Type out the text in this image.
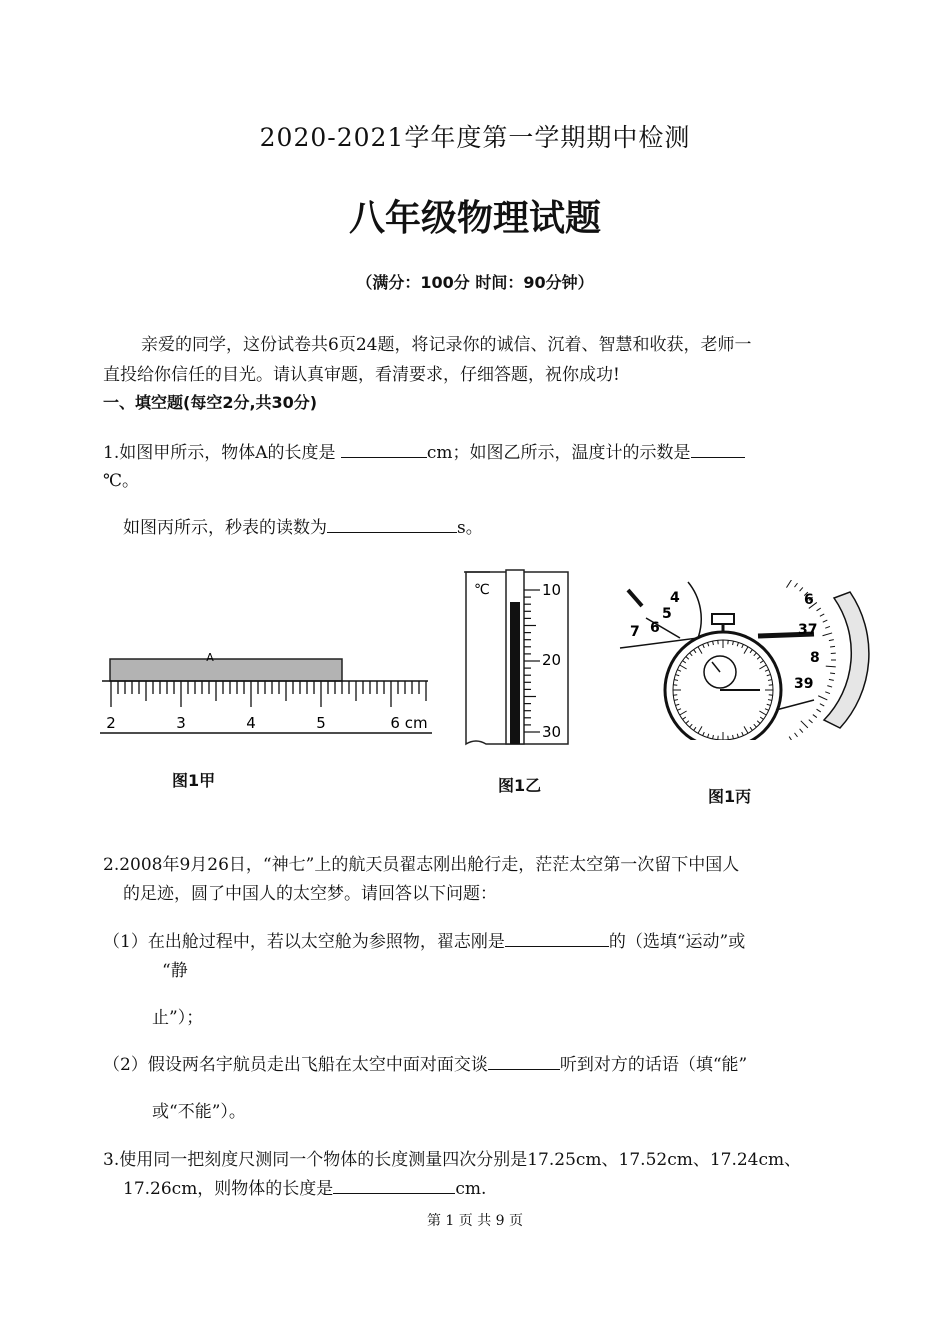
2020-2021学年度第一学期期中检测
八年级物理试题
（满分：100分 时间：90分钟）
亲爱的同学，这份试卷共6页24题，将记录你的诚信、沉着、智慧和收获，老师一
直投给你信任的目光。请认真审题，看清要求，仔细答题，祝你成功!
一、填空题(每空2分,共30分)
1.如图甲所示，物体A的长度是	cm；如图乙所示，温度计的示数是
℃。
如图丙所示，秒表的读数为	s。
A
2	3	4	5	6 cm
图1甲
℃	10
20
30
图1乙
4
5
6
7
6
37
8
39
图1丙
2.2008年9月26日，“神七”上的航天员翟志刚出舱行走，茫茫太空第一次留下中国人
的足迹，圆了中国人的太空梦。请回答以下问题：
（1）在出舱过程中，若以太空舱为参照物，翟志刚是	的（选填“运动”或
“静
止”）；
（2）假设两名宇航员走出飞船在太空中面对面交谈	听到对方的话语（填“能”
或“不能”）。
3.使用同一把刻度尺测同一个物体的长度测量四次分别是17.25cm、17.52cm、17.24cm、
17.26cm，则物体的长度是	cm.
第 1 页 共 9 页
